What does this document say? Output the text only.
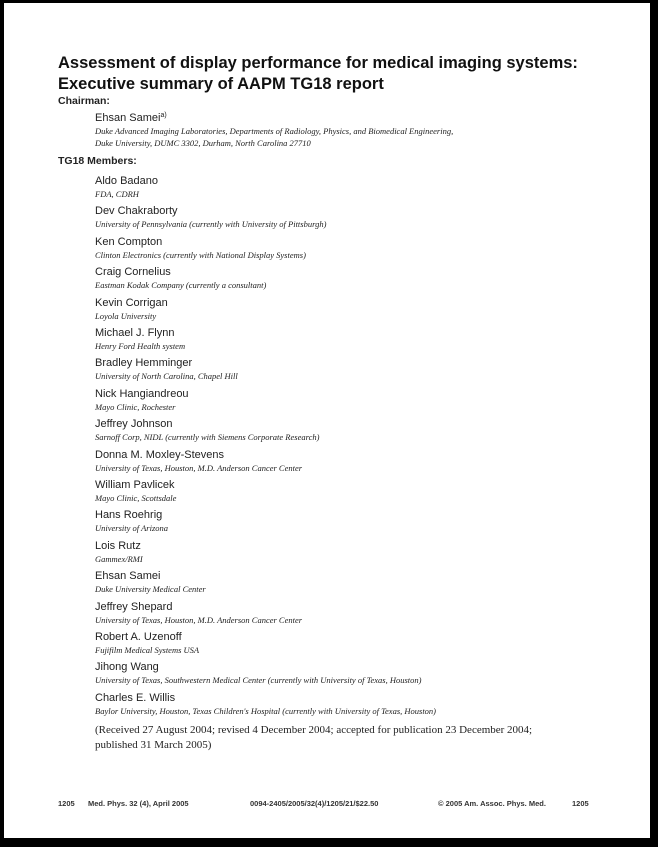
Assessment of display performance for medical imaging systems:
Executive summary of AAPM TG18 report
Chairman:
Ehsan Samei$^{a)}$
Duke Advanced Imaging Laboratories, Departments of Radiology, Physics, and Biomedical Engineering,
Duke University, DUMC 3302, Durham, North Carolina 27710
TG18 Members:
Aldo Badano
FDA, CDRH
Dev Chakraborty
University of Pennsylvania (currently with University of Pittsburgh)
Ken Compton
Clinton Electronics (currently with National Display Systems)
Craig Cornelius
Eastman Kodak Company (currently a consultant)
Kevin Corrigan
Loyola University
Michael J. Flynn
Henry Ford Health system
Bradley Hemminger
University of North Carolina, Chapel Hill
Nick Hangiandreou
Mayo Clinic, Rochester
Jeffrey Johnson
Sarnoff Corp, NIDL (currently with Siemens Corporate Research)
Donna M. Moxley-Stevens
University of Texas, Houston, M.D. Anderson Cancer Center
William Pavlicek
Mayo Clinic, Scottsdale
Hans Roehrig
University of Arizona
Lois Rutz
Gammex/RMI
Ehsan Samei
Duke University Medical Center
Jeffrey Shepard
University of Texas, Houston, M.D. Anderson Cancer Center
Robert A. Uzenoff
Fujifilm Medical Systems USA
Jihong Wang
University of Texas, Southwestern Medical Center (currently with University of Texas, Houston)
Charles E. Willis
Baylor University, Houston, Texas Children's Hospital (currently with University of Texas, Houston)
(Received 27 August 2004; revised 4 December 2004; accepted for publication 23 December 2004; published 31 March 2005)
1205 Med. Phys. 32 (4), April 2005	0094-2405/2005/32(4)/1205/21/$22.50	© 2005 Am. Assoc. Phys. Med.	1205
